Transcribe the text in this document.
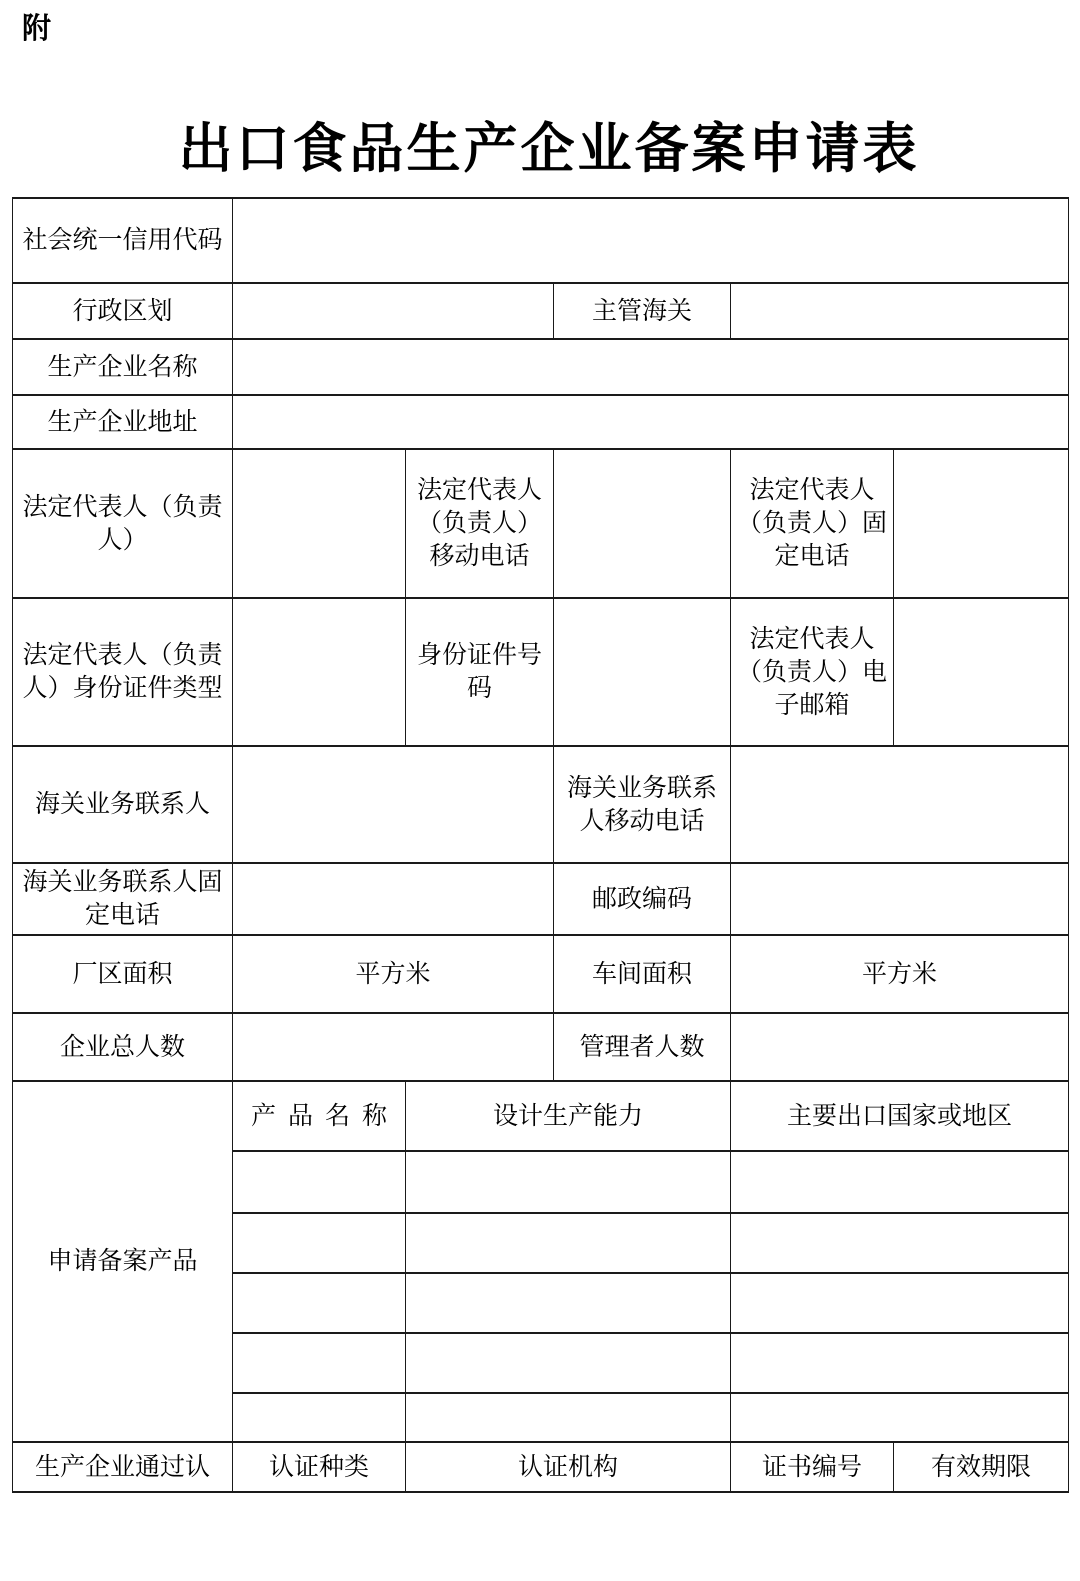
附
出口食品生产企业备案申请表
社会统一信用代码					
行政区划			主管海关		
生产企业名称					
生产企业地址					
法定代表人（负责人）		法定代表人（负责人）移动电话		法定代表人（负责人）固定电话	
法定代表人（负责人）身份证件类型		身份证件号码		法定代表人（负责人）电子邮箱	
海关业务联系人			海关业务联系人移动电话		
海关业务联系人固定电话			邮政编码		
厂区面积	平方米		车间面积	平方米	
企业总人数			管理者人数		
申请备案产品	产品名称	设计生产能力		主要出口国家或地区	

生产企业通过认	认证种类	认证机构		证书编号	有效期限
